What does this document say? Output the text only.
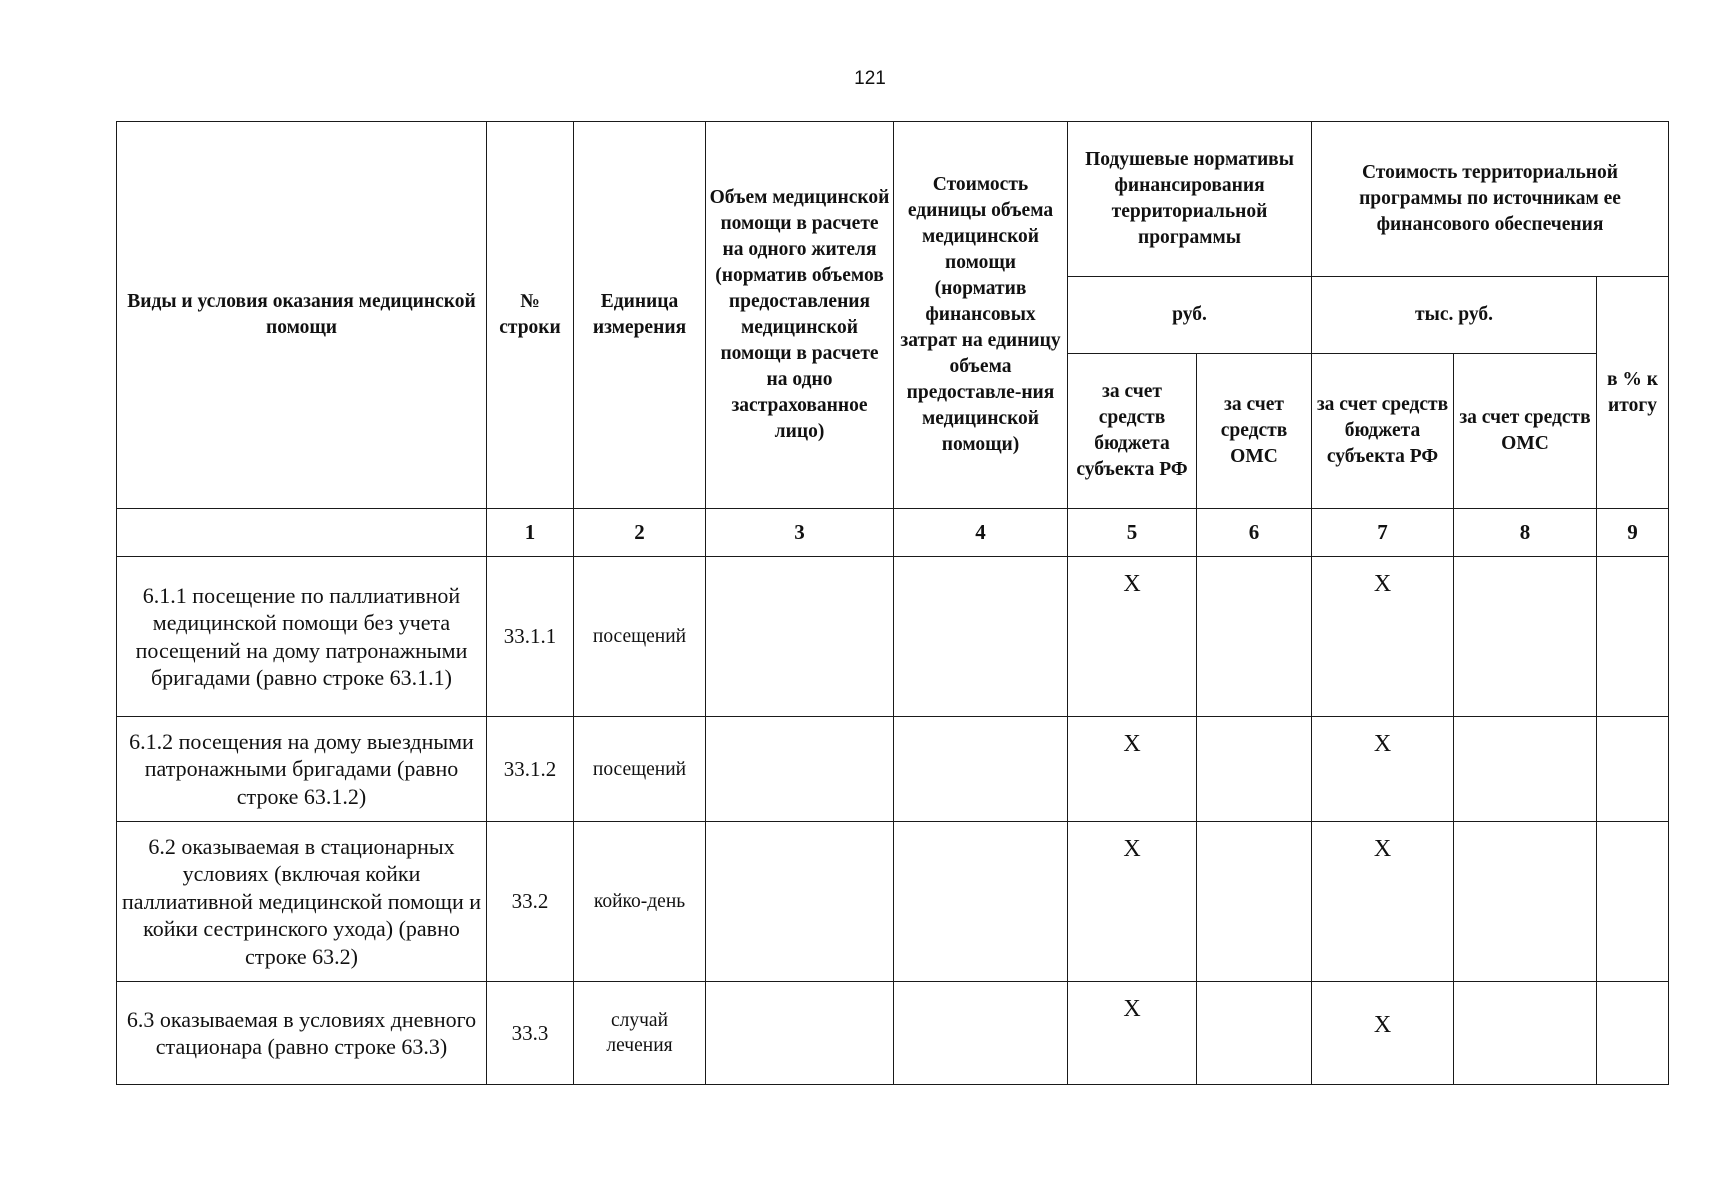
121
Виды и условия оказания медицинской помощи	№ строки	Единица измерения	Объем медицинской помощи в расчете на одного жителя (норматив объемов предоставления медицинской помощи в расчете на одно застрахованное лицо)	Стоимость единицы объема медицинской помощи (норматив финансовых затрат на единицу объема предоставле-ния медицинской помощи)	Подушевые нормативы финансирования территориальной программы		Стоимость территориальной программы по источникам ее финансового обеспечения		
					руб.		тыс. руб.		в % к итогу
					за счет средств бюджета субъекта РФ	за счет средств ОМС	за счет средств бюджета субъекта РФ	за счет средств ОМС	
	1	2	3	4	5	6	7	8	9
6.1.1 посещение по паллиативной медицинской помощи без учета посещений на дому патронажными бригадами (равно строке 63.1.1)	33.1.1	посещений			X		X		
6.1.2 посещения на дому выездными патронажными бригадами (равно строке 63.1.2)	33.1.2	посещений			X		X		
6.2 оказываемая в стационарных условиях (включая койки паллиативной медицинской помощи и койки сестринского ухода) (равно строке 63.2)	33.2	койко-день			X		X		
6.3 оказываемая в условиях дневного стационара (равно строке 63.3)	33.3	случай лечения			X		X		
